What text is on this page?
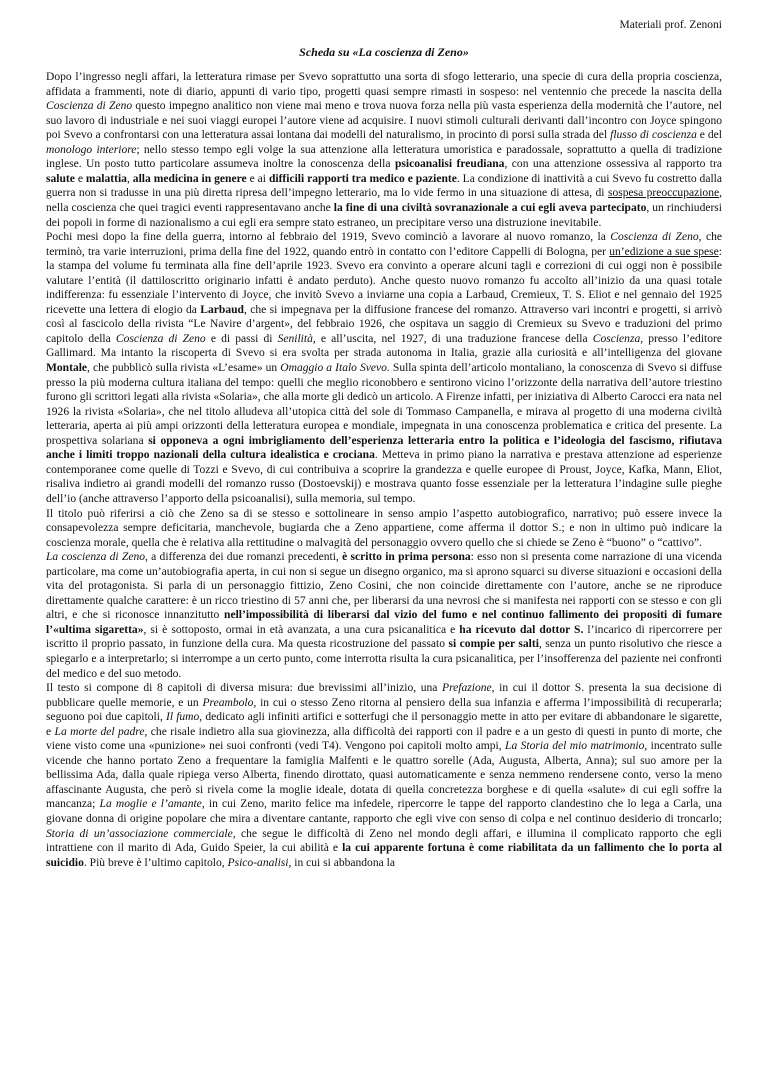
Materiali prof. Zenoni
Scheda su «La coscienza di Zeno»

Dopo l’ingresso negli affari, la letteratura rimase per Svevo soprattutto una sorta di sfogo letterario, una specie di cura della propria coscienza, affidata a frammenti, note di diario, appunti di vario tipo, progetti quasi sempre rimasti in sospeso: nel ventennio che precede la nascita della Coscienza di Zeno questo impegno analitico non viene mai meno e trova nuova forza nella più vasta esperienza della modernità che l’autore, nel suo lavoro di industriale e nei suoi viaggi europei l’autore viene ad acquisire. I nuovi stimoli culturali derivanti dall’incontro con Joyce spingono poi Svevo a confrontarsi con una letteratura assai lontana dai modelli del naturalismo, in procinto di porsi sulla strada del flusso di coscienza e del monologo interiore; nello stesso tempo egli volge la sua attenzione alla letteratura umoristica e paradossale, soprattutto a quella di tradizione inglese. Un posto tutto particolare assumeva inoltre la conoscenza della psicoanalisi freudiana, con una attenzione ossessiva al rapporto tra salute e malattia, alla medicina in genere e ai difficili rapporti tra medico e paziente. La condizione di inattività a cui Svevo fu costretto dalla guerra non si tradusse in una più diretta ripresa dell’impegno letterario, ma lo vide fermo in una situazione di attesa, di sospesa preoccupazione, nella coscienza che quei tragici eventi rappresentavano anche la fine di una civiltà sovranazionale a cui egli aveva partecipato, un rinchiudersi dei popoli in forme di nazionalismo a cui egli era sempre stato estraneo, un precipitare verso una distruzione inevitabile.

Pochi mesi dopo la fine della guerra, intorno al febbraio del 1919, Svevo cominciò a lavorare al nuovo romanzo, la Coscienza di Zeno, che terminò, tra varie interruzioni, prima della fine del 1922, quando entrò in contatto con l’editore Cappelli di Bologna, per un’edizione a sue spese: la stampa del volume fu terminata alla fine dell’aprile 1923. Svevo era convinto a operare alcuni tagli e correzioni di cui oggi non è possibile valutare l’entità (il dattiloscritto originario infatti è andato perduto). Anche questo nuovo romanzo fu accolto all’inizio da una quasi totale indifferenza: fu essenziale l’intervento di Joyce, che invitò Svevo a inviarne una copia a Larbaud, Cremieux, T. S. Eliot e nel gennaio del 1925 ricevette una lettera di elogio da Larbaud, che si impegnava per la diffusione francese del romanzo. Attraverso vari incontri e progetti, si arrivò così al fascicolo della rivista “Le Navire d’argent», del febbraio 1926, che ospitava un saggio di Cremieux su Svevo e traduzioni del primo capitolo della Coscienza di Zeno e di passi di Senilità, e all’uscita, nel 1927, di una traduzione francese della Coscienza, presso l’editore Gallimard. Ma intanto la riscoperta di Svevo si era svolta per strada autonoma in Italia, grazie alla curiosità e all’intelligenza del giovane Montale, che pubblicò sulla rivista «L’esame» un Omaggio a Italo Svevo. Sulla spinta dell’articolo montaliano, la conoscenza di Svevo si diffuse presso la più moderna cultura italiana del tempo: quelli che meglio riconobbero e sentirono vicino l’orizzonte della narrativa dell’autore triestino furono gli scrittori legati alla rivista «Solaria», che alla morte gli dedicò un articolo. A Firenze infatti, per iniziativa di Alberto Carocci era nata nel 1926 la rivista «Solaria», che nel titolo alludeva all’utopica città del sole di Tommaso Campanella, e mirava al progetto di una moderna civiltà letteraria, aperta ai più ampi orizzonti della letteratura europea e mondiale, impegnata in una conoscenza problematica e critica del presente. La prospettiva solariana si opponeva a ogni imbrigliamento dell’esperienza letteraria entro la politica e l’ideologia del fascismo, rifiutava anche i limiti troppo nazionali della cultura idealistica e crociana. Metteva in primo piano la narrativa e prestava attenzione ad esperienze contemporanee come quelle di Tozzi e Svevo, di cui contribuiva a scoprire la grandezza e quelle europee di Proust, Joyce, Kafka, Mann, Eliot, risaliva indietro ai grandi modelli del romanzo russo (Dostoevskij) e mostrava quanto fosse essenziale per la letteratura l’indagine sulle pieghe dell’io (anche attraverso l’apporto della psicoanalisi), sulla memoria, sul tempo.

Il titolo può riferirsi a ciò che Zeno sa di se stesso e sottolineare in senso ampio l’aspetto autobiografico, narrativo; può essere invece la consapevolezza sempre deficitaria, manchevole, bugiarda che a Zeno appartiene, come afferma il dottor S.; e non in ultimo può indicare la coscienza morale, quella che è relativa alla rettitudine o malvagità del personaggio ovvero quello che si chiede se Zeno è “buono” o “cattivo”.

La coscienza di Zeno, a differenza dei due romanzi precedenti, è scritto in prima persona: esso non si presenta come narrazione di una vicenda particolare, ma come un’autobiografia aperta, in cui non si segue un disegno organico, ma si aprono squarci su diverse situazioni e occasioni della vita del protagonista. Si parla di un personaggio fittizio, Zeno Cosini, che non coincide direttamente con l’autore, anche se ne riproduce direttamente qualche carattere: è un ricco triestino di 57 anni che, per liberarsi da una nevrosi che si manifesta nei rapporti con se stesso e con gli altri, e che si riconosce innanzitutto nell’impossibilità di liberarsi dal vizio del fumo e nel continuo fallimento dei propositi di fumare l’«ultima sigaretta», si è sottoposto, ormai in età avanzata, a una cura psicanalitica e ha ricevuto dal dottor S. l’incarico di ripercorrere per iscritto il proprio passato, in funzione della cura. Ma questa ricostruzione del passato si compie per salti, senza un punto risolutivo che riesce a spiegarlo e a interpretarlo; si interrompe a un certo punto, come interrotta risulta la cura psicanalitica, per l’insofferenza del paziente nei confronti del medico e del suo metodo.

Il testo si compone di 8 capitoli di diversa misura: due brevissimi all’inizio, una Prefazione, in cui il dottor S. presenta la sua decisione di pubblicare quelle memorie, e un Preambolo, in cui o stesso Zeno ritorna al pensiero della sua infanzia e afferma l’impossibilità di recuperarla; seguono poi due capitoli, Il fumo, dedicato agli infiniti artifici e sotterfugi che il personaggio mette in atto per evitare di abbandonare le sigarette, e La morte del padre, che risale indietro alla sua giovinezza, alla difficoltà dei rapporti con il padre e a un gesto di questi in punto di morte, che viene visto come una «punizione» nei suoi confronti (vedi T4). Vengono poi capitoli molto ampi, La Storia del mio matrimonio, incentrato sulle vicende che hanno portato Zeno a frequentare la famiglia Malfenti e le quattro sorelle (Ada, Augusta, Alberta, Anna); sul suo amore per la bellissima Ada, dalla quale ripiega verso Alberta, finendo dirottato, quasi automaticamente e senza nemmeno rendersene conto, verso la meno affascinante Augusta, che però si rivela come la moglie ideale, dotata di quella concretezza borghese e di quella «salute» di cui egli soffre la mancanza; La moglie e l’amante, in cui Zeno, marito felice ma infedele, ripercorre le tappe del rapporto clandestino che lo lega a Carla, una giovane donna di origine popolare che mira a diventare cantante, rapporto che egli vive con senso di colpa e nel continuo desiderio di troncarlo; Storia di un’associazione commerciale, che segue le difficoltà di Zeno nel mondo degli affari, e illumina il complicato rapporto che egli intrattiene con il marito di Ada, Guido Speier, la cui abilità e la cui apparente fortuna è come riabilitata da un fallimento che lo porta al suicidio. Più breve è l’ultimo capitolo, Psico-analisi, in cui si abbandona la
